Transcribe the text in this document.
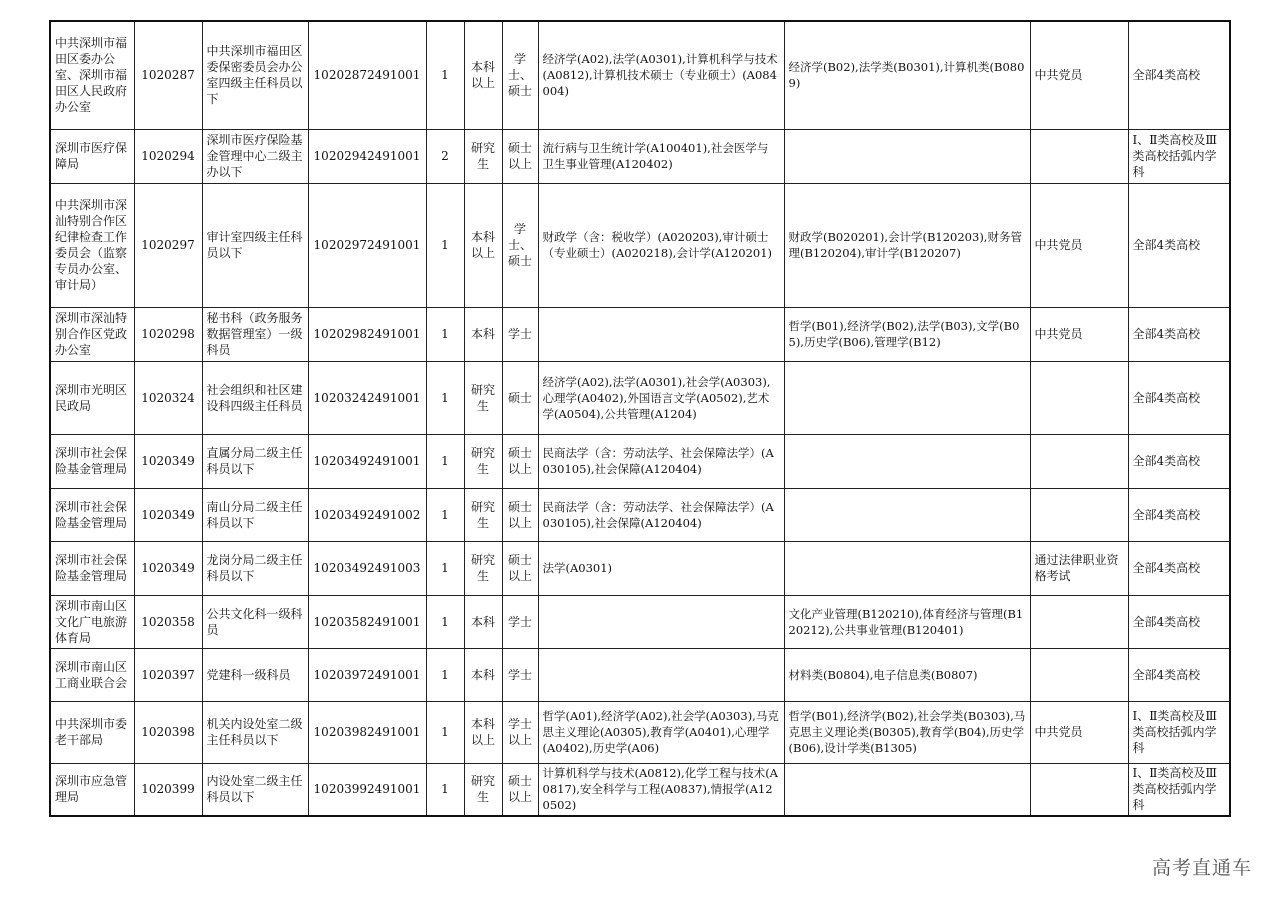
中共深圳市福田区委办公室、深圳市福田区人民政府办公室	1020287	中共深圳市福田区委保密委员会办公室四级主任科员以下	10202872491001	1	本科以上	学士、硕士	经济学(A02),法学(A0301),计算机科学与技术(A0812),计算机技术硕士（专业硕士）(A084004)	经济学(B02),法学类(B0301),计算机类(B0809)	中共党员	全部4类高校
深圳市医疗保障局	1020294	深圳市医疗保险基金管理中心二级主办以下	10202942491001	2	研究生	硕士以上	流行病与卫生统计学(A100401),社会医学与卫生事业管理(A120402)			Ⅰ、Ⅱ类高校及Ⅲ类高校括弧内学科
中共深圳市深汕特别合作区纪律检查工作委员会（监察专员办公室、审计局）	1020297	审计室四级主任科员以下	10202972491001	1	本科以上	学士、硕士	财政学（含：税收学）(A020203),审计硕士（专业硕士）(A020218),会计学(A120201)	财政学(B020201),会计学(B120203),财务管理(B120204),审计学(B120207)	中共党员	全部4类高校
深圳市深汕特别合作区党政办公室	1020298	秘书科（政务服务数据管理室）一级科员	10202982491001	1	本科	学士		哲学(B01),经济学(B02),法学(B03),文学(B05),历史学(B06),管理学(B12)	中共党员	全部4类高校
深圳市光明区民政局	1020324	社会组织和社区建设科四级主任科员	10203242491001	1	研究生	硕士	经济学(A02),法学(A0301),社会学(A0303),心理学(A0402),外国语言文学(A0502),艺术学(A0504),公共管理(A1204)			全部4类高校
深圳市社会保险基金管理局	1020349	直属分局二级主任科员以下	10203492491001	1	研究生	硕士以上	民商法学（含：劳动法学、社会保障法学）(A030105),社会保障(A120404)			全部4类高校
深圳市社会保险基金管理局	1020349	南山分局二级主任科员以下	10203492491002	1	研究生	硕士以上	民商法学（含：劳动法学、社会保障法学）(A030105),社会保障(A120404)			全部4类高校
深圳市社会保险基金管理局	1020349	龙岗分局二级主任科员以下	10203492491003	1	研究生	硕士以上	法学(A0301)		通过法律职业资格考试	全部4类高校
深圳市南山区文化广电旅游体育局	1020358	公共文化科一级科员	10203582491001	1	本科	学士		文化产业管理(B120210),体育经济与管理(B120212),公共事业管理(B120401)		全部4类高校
深圳市南山区工商业联合会	1020397	党建科一级科员	10203972491001	1	本科	学士		材料类(B0804),电子信息类(B0807)		全部4类高校
中共深圳市委老干部局	1020398	机关内设处室二级主任科员以下	10203982491001	1	本科以上	学士以上	哲学(A01),经济学(A02),社会学(A0303),马克思主义理论(A0305),教育学(A0401),心理学(A0402),历史学(A06)	哲学(B01),经济学(B02),社会学类(B0303),马克思主义理论类(B0305),教育学(B04),历史学(B06),设计学类(B1305)	中共党员	Ⅰ、Ⅱ类高校及Ⅲ类高校括弧内学科
深圳市应急管理局	1020399	内设处室二级主任科员以下	10203992491001	1	研究生	硕士以上	计算机科学与技术(A0812),化学工程与技术(A0817),安全科学与工程(A0837),情报学(A120502)			Ⅰ、Ⅱ类高校及Ⅲ类高校括弧内学科
高考直通车
